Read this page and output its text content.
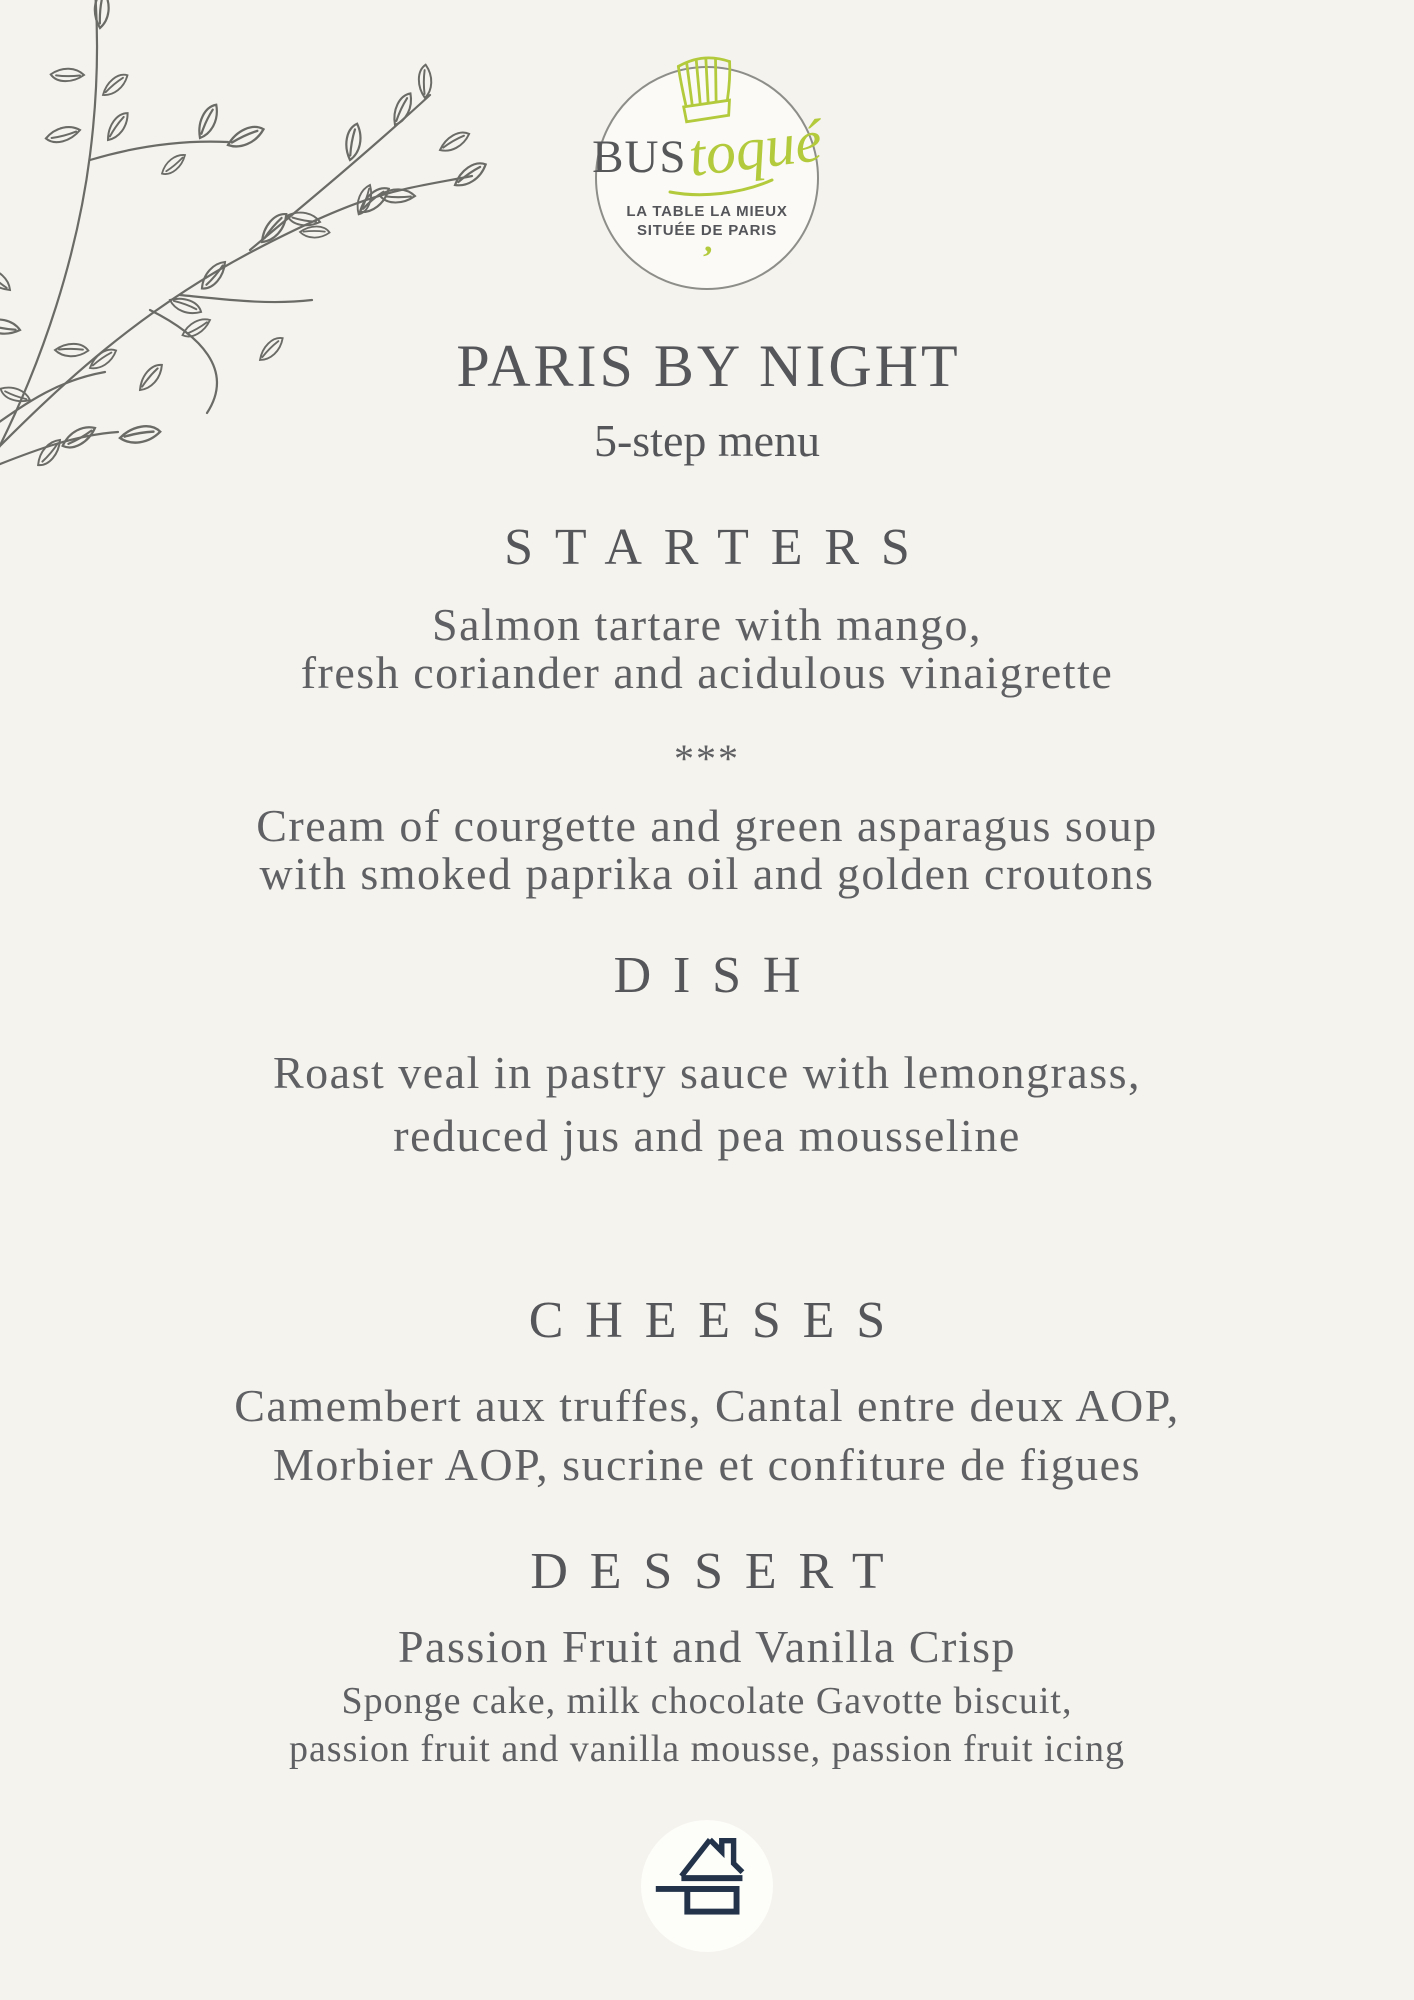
BUStoqué
LA TABLE LA MIEUX
SITUÉE DE PARIS
’
PARIS BY NIGHT
5-step menu
STARTERS
Salmon tartare with mango,
fresh coriander and acidulous vinaigrette
***
Cream of courgette and green asparagus soup
with smoked paprika oil and golden croutons
DISH
Roast veal in pastry sauce with lemongrass,
reduced jus and pea mousseline
CHEESES
Camembert aux truffes, Cantal entre deux AOP,
Morbier AOP, sucrine et confiture de figues
DESSERT
Passion Fruit and Vanilla Crisp
Sponge cake, milk chocolate Gavotte biscuit,
passion fruit and vanilla mousse, passion fruit icing
